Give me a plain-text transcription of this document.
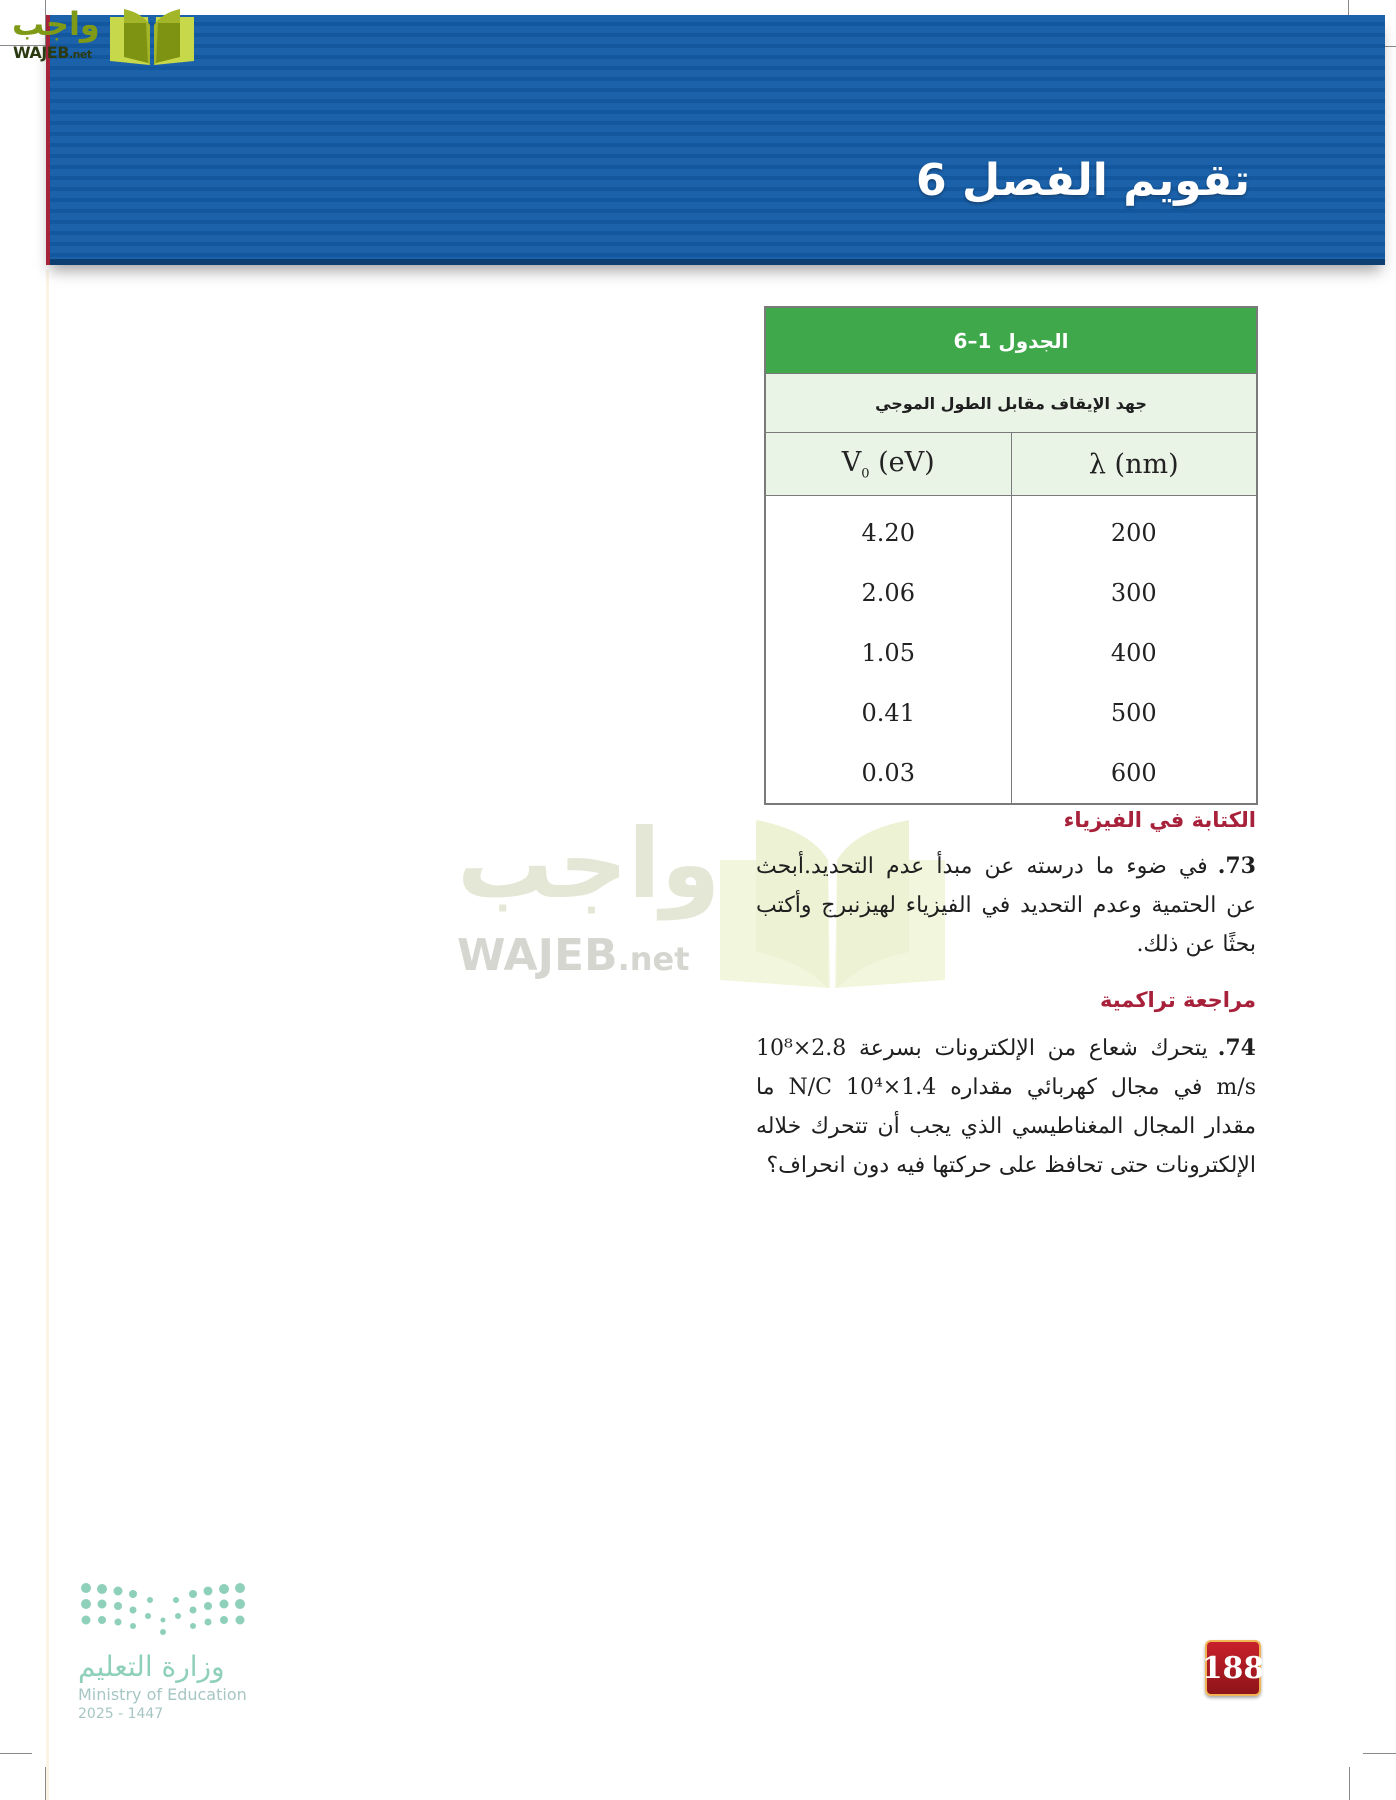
تقويم الفصل 6
واجب
WAJEB.net
واجب
WAJEB.net
الجدول 1–6	
جهد الإيقاف مقابل الطول الموجي	
$V_0$ (eV)	λ (nm)
4.20	200
2.06	300
1.05	400
0.41	500
0.03	600
الكتابة في الفيزياء
73.في ضوء ما درسته عن مبدأ عدم التحديد.أبحث عن الحتمية وعدم التحديد في الفيزياء لهيزنبرج وأكتب بحثًا عن ذلك.
مراجعة تراكمية
74.يتحرك شعاع من الإلكترونات بسرعة 2.8×10⁸ m/s في مجال كهربائي مقداره 1.4×10⁴ N/C ما مقدار المجال المغناطيسي الذي يجب أن تتحرك خلاله الإلكترونات حتى تحافظ على حركتها فيه دون انحراف؟
وزارة التعليم
Ministry of Education
2025 - 1447
188
